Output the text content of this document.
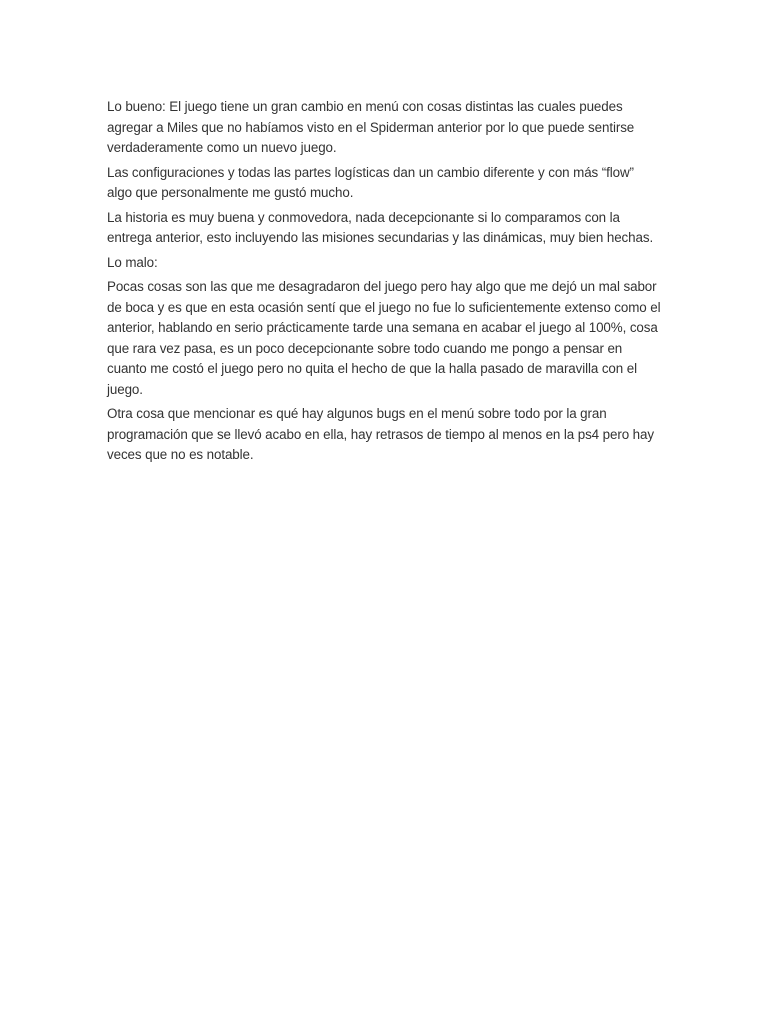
Lo bueno: El juego tiene un gran cambio en menú con cosas distintas las cuales puedes
agregar a Miles que no habíamos visto en el Spiderman anterior por lo que puede sentirse
verdaderamente como un nuevo juego.

Las configuraciones y todas las partes logísticas dan un cambio diferente y con más “flow”
algo que personalmente me gustó mucho.

La historia es muy buena y conmovedora, nada decepcionante si lo comparamos con la
entrega anterior, esto incluyendo las misiones secundarias y las dinámicas, muy bien hechas.

Lo malo:

Pocas cosas son las que me desagradaron del juego pero hay algo que me dejó un mal sabor
de boca y es que en esta ocasión sentí que el juego no fue lo suficientemente extenso como el
anterior, hablando en serio prácticamente tarde una semana en acabar el juego al 100%, cosa
que rara vez pasa, es un poco decepcionante sobre todo cuando me pongo a pensar en
cuanto me costó el juego pero no quita el hecho de que la halla pasado de maravilla con el
juego.

Otra cosa que mencionar es qué hay algunos bugs en el menú sobre todo por la gran
programación que se llevó acabo en ella, hay retrasos de tiempo al menos en la ps4 pero hay
veces que no es notable.
